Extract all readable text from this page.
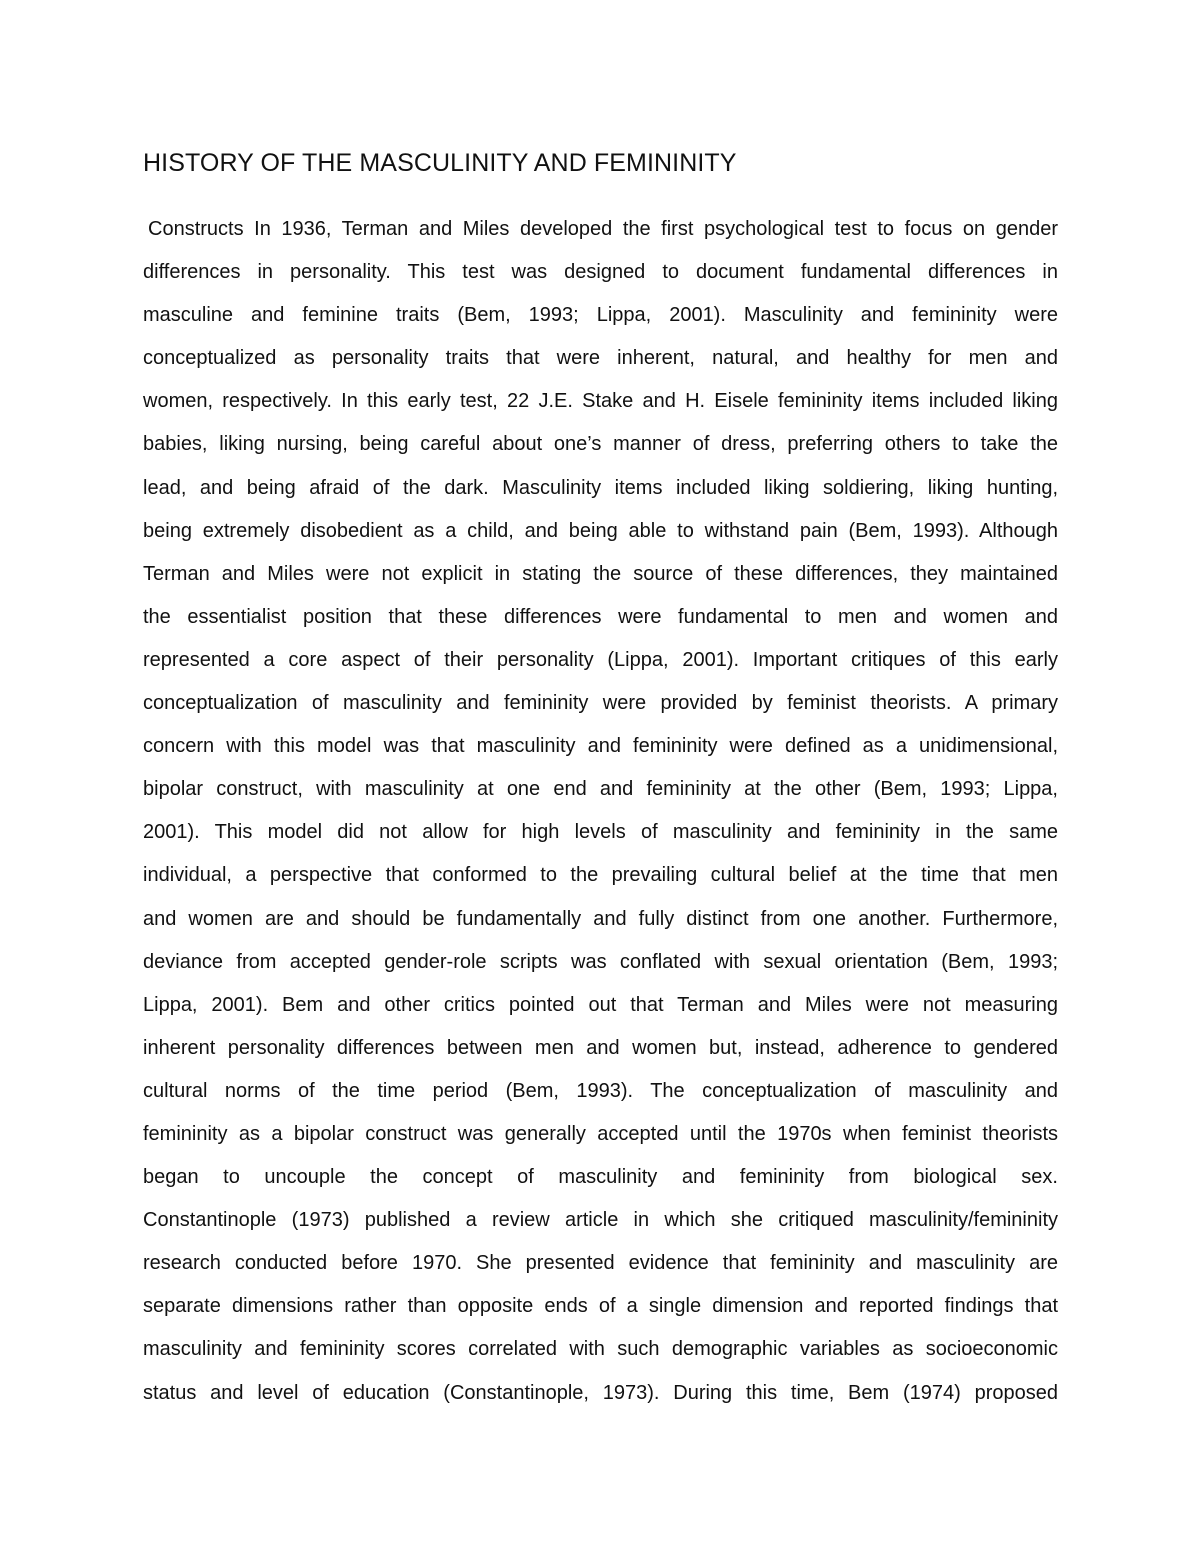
HISTORY OF THE MASCULINITY AND FEMININITY
Constructs In 1936, Terman and Miles developed the first psychological test to focus on gender
differences in personality. This test was designed to document fundamental differences in
masculine and feminine traits (Bem, 1993; Lippa, 2001). Masculinity and femininity were
conceptualized as personality traits that were inherent, natural, and healthy for men and
women, respectively. In this early test, 22 J.E. Stake and H. Eisele femininity items included liking
babies, liking nursing, being careful about one’s manner of dress, preferring others to take the
lead, and being afraid of the dark. Masculinity items included liking soldiering, liking hunting,
being extremely disobedient as a child, and being able to withstand pain (Bem, 1993). Although
Terman and Miles were not explicit in stating the source of these differences, they maintained
the essentialist position that these differences were fundamental to men and women and
represented a core aspect of their personality (Lippa, 2001). Important critiques of this early
conceptualization of masculinity and femininity were provided by feminist theorists. A primary
concern with this model was that masculinity and femininity were defined as a unidimensional,
bipolar construct, with masculinity at one end and femininity at the other (Bem, 1993; Lippa,
2001). This model did not allow for high levels of masculinity and femininity in the same
individual, a perspective that conformed to the prevailing cultural belief at the time that men
and women are and should be fundamentally and fully distinct from one another. Furthermore,
deviance from accepted gender-role scripts was conflated with sexual orientation (Bem, 1993;
Lippa, 2001). Bem and other critics pointed out that Terman and Miles were not measuring
inherent personality differences between men and women but, instead, adherence to gendered
cultural norms of the time period (Bem, 1993). The conceptualization of masculinity and
femininity as a bipolar construct was generally accepted until the 1970s when feminist theorists
began to uncouple the concept of masculinity and femininity from biological sex.
Constantinople (1973) published a review article in which she critiqued masculinity/femininity
research conducted before 1970. She presented evidence that femininity and masculinity are
separate dimensions rather than opposite ends of a single dimension and reported findings that
masculinity and femininity scores correlated with such demographic variables as socioeconomic
status and level of education (Constantinople, 1973). During this time, Bem (1974) proposed
